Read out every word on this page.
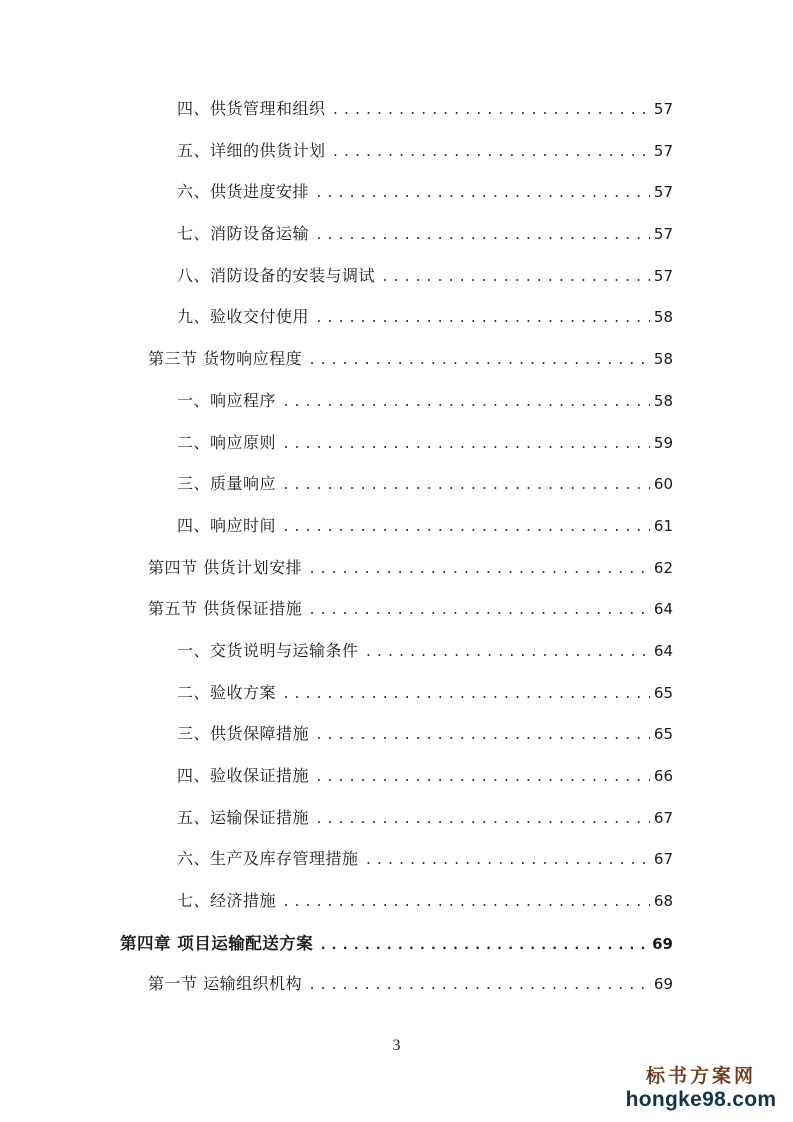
四、供货管理和组织 .....	57
五、详细的供货计划 .....	57
六、供货进度安排 .....	57
七、消防设备运输 .....	57
八、消防设备的安装与调试 .....	57
九、验收交付使用 .....	58
第三节 货物响应程度 .....	58
一、响应程序 .....	58
二、响应原则 .....	59
三、质量响应 .....	60
四、响应时间 .....	61
第四节 供货计划安排 .....	62
第五节 供货保证措施 .....	64
一、交货说明与运输条件 .....	64
二、验收方案 .....	65
三、供货保障措施 .....	65
四、验收保证措施 .....	66
五、运输保证措施 .....	67
六、生产及库存管理措施 .....	67
七、经济措施 .....	68
第四章 项目运输配送方案 .....	69
第一节 运输组织机构 .....	69
3
标书方案网
hongke98.com
